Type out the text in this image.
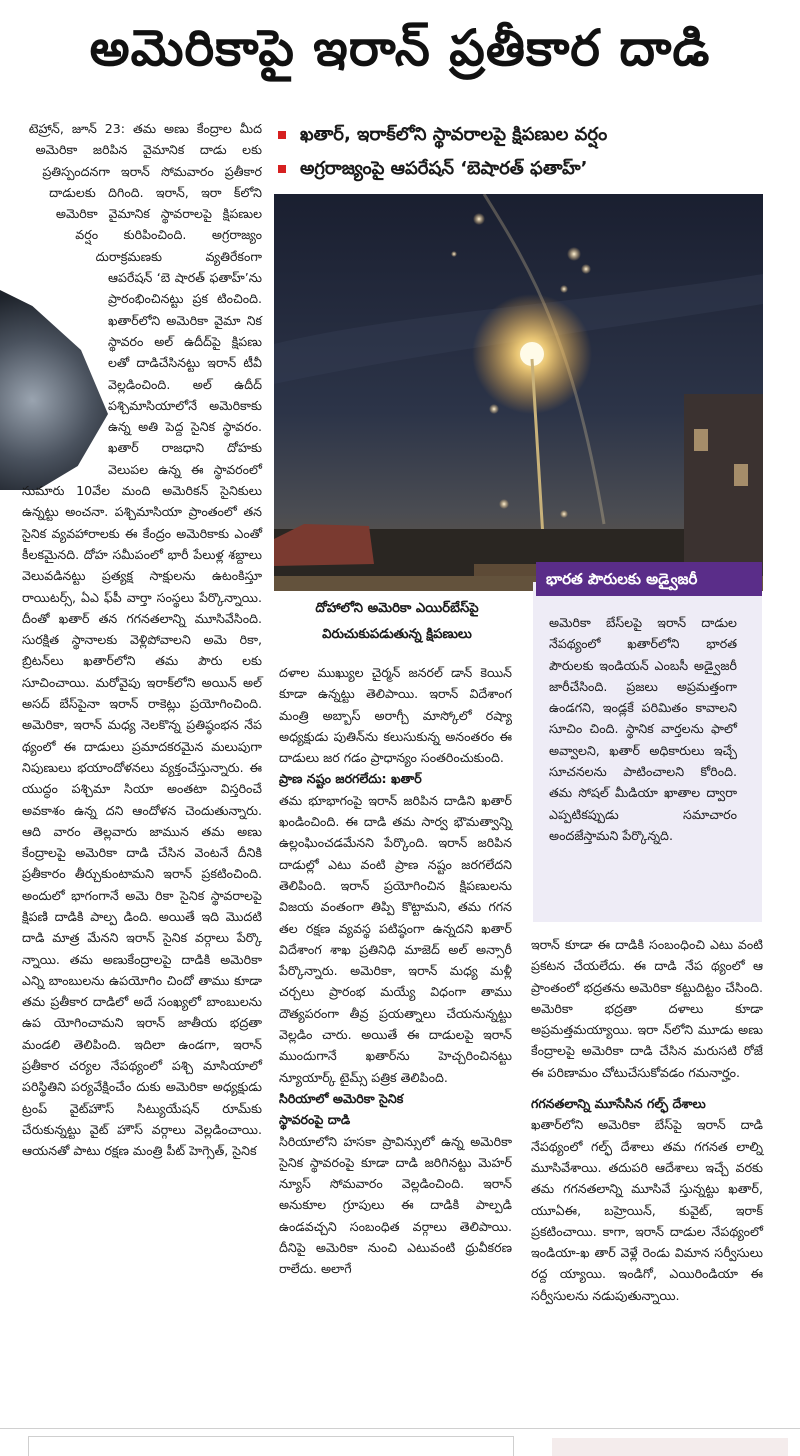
అమెరికాపై ఇరాన్ ప్రతీకార దాడి

టెహ్రాన్, జూన్ 23: తమ అణు కేంద్రాల మీద అమెరికా జరిపిన వైమానిక దాడు లకు ప్రతిస్పందనగా ఇరాన్ సోమవారం ప్రతీకార దాడులకు దిగింది. ఇరాన్, ఇరా క్‌లోని అమెరికా వైమానిక స్థావరాలపై క్షిపణుల వర్షం కురిపించింది. అగ్రరాజ్యం దురాక్రమణకు వ్యతిరేకంగా ఆపరేషన్ ‘బె షారత్ ఫతాహ్’ను ప్రారంభించినట్టు ప్రక టించింది. ఖతార్‌లోని అమెరికా వైమా నిక స్థావరం అల్ ఉదీద్‌పై క్షిపణు లతో దాడిచేసినట్టు ఇరాన్ టీవీ వెల్లడించింది. అల్ ఉదీద్ పశ్చిమాసియాలోనే అమెరికాకు ఉన్న అతి పెద్ద సైనిక స్థావరం. ఖతార్ రాజధాని దోహకు వెలుపల ఉన్న ఈ స్థావరంలో సుమారు 10వేల మంది అమెరికన్ సైనికులు ఉన్నట్టు అంచనా. పశ్చిమాసియా ప్రాంతంలో తన సైనిక వ్యవహారాలకు ఈ కేంద్రం అమెరికాకు ఎంతో కీలకమైనది. దోహ సమీపంలో భారీ పేలుళ్ల శబ్దాలు వెలువడినట్టు ప్రత్యక్ష సాక్షులను ఉటంకిస్తూ రాయిటర్స్, ఏఎ ఫ్‌పీ వార్తా సంస్థలు పేర్కొన్నాయి. దీంతో ఖతార్ తన గగనతలాన్ని మూసివేసింది. సురక్షిత స్థానాలకు వెళ్లిపోవాలని అమె రికా, బ్రిటన్‌లు ఖతార్‌లోని తమ పౌరు లకు సూచించాయి. మరోవైపు ఇరాక్‌లోని అయిన్ అల్ అసద్ బేస్‌పైనా ఇరాన్ రాకెట్లు ప్రయోగించింది. అమెరికా, ఇరాన్ మధ్య నెలకొన్న ప్రతిష్ఠంభన నేప థ్యంలో ఈ దాడులు ప్రమాదకరమైన మలుపుగా నిపుణులు భయాందోళనలు వ్యక్తంచేస్తున్నారు. ఈ యుద్ధం పశ్చిమా సియా అంతటా విస్తరించే అవకాశం ఉన్న దని ఆందోళన చెందుతున్నారు. ఆది వారం తెల్లవారు జామున తమ అణు కేంద్రాలపై అమెరికా దాడి చేసిన వెంటనే దీనికి ప్రతీకారం తీర్చుకుంటామని ఇరాన్ ప్రకటించింది. అందులో భాగంగానే అమె రికా సైనిక స్థావరాలపై క్షిపణి దాడికి పాల్ప డింది. అయితే ఇది మొదటి దాడి మాత్ర మేనని ఇరాన్ సైనిక వర్గాలు పేర్కొ న్నాయి. తమ అణుకేంద్రాలపై దాడికి అమెరికా ఎన్ని బాంబులను ఉపయోగిం చిందో తాము కూడా తమ ప్రతీకార దాడిలో అదే సంఖ్యలో బాంబులను ఉప యోగించామని ఇరాన్ జాతీయ భద్రతా మండలి తెలిపింది. ఇదిలా ఉండగా, ఇరాన్ ప్రతీకార చర్యల నేపథ్యంలో పశ్చి మాసియాలో పరిస్థితిని పర్యవేక్షించేం దుకు అమెరికా అధ్యక్షుడు ట్రంప్ వైట్‌హౌస్ సిట్యుయేషన్ రూమ్‌కు చేరుకున్నట్టు వైట్ హౌస్ వర్గాలు వెల్లడించాయి. ఆయనతో పాటు రక్షణ మంత్రి పీట్ హెగ్సెత్, సైనిక

ఖతార్, ఇరాక్‌లోని స్థావరాలపై క్షిపణుల వర్షం
అగ్రరాజ్యంపై ఆపరేషన్ ‘బెషారత్ ఫతాహ్’
దోహాలోని అమెరికా ఎయిర్‌బేస్‌పై
విరుచుకుపడుతున్న క్షిపణులు

దళాల ముఖ్యుల చైర్మన్ జనరల్ డాన్ కెయిన్ కూడా ఉన్నట్టు తెలిపాయి. ఇరాన్ విదేశాంగ మంత్రి అబ్బాస్ అరాగ్చీ మాస్కోలో రష్యా అధ్యక్షుడు పుతిన్‌ను కలుసుకున్న అనంతరం ఈ దాడులు జర గడం ప్రాధాన్యం సంతరించుకుంది.

ప్రాణ నష్టం జరగలేదు: ఖతార్

తమ భూభాగంపై ఇరాన్ జరిపిన దాడిని ఖతార్ ఖండించింది. ఈ దాడి తమ సార్వ భౌమత్వాన్ని ఉల్లంఘించడమేనని పేర్కొంది. ఇరాన్ జరిపిన దాడుల్లో ఎటు వంటి ప్రాణ నష్టం జరగలేదని తెలిపింది. ఇరాన్ ప్రయోగించిన క్షిపణులను విజయ వంతంగా తిప్పి కొట్టామని, తమ గగన తల రక్షణ వ్యవస్థ పటిష్ఠంగా ఉన్నదని ఖతార్ విదేశాంగ శాఖ ప్రతినిధి మాజెద్ అల్ అన్సారీ పేర్కొన్నారు. అమెరికా, ఇరాన్ మధ్య మళ్లీ చర్చలు ప్రారంభ మయ్యే విధంగా తాము దౌత్యపరంగా తీవ్ర ప్రయత్నాలు చేయనున్నట్టు వెల్లడిం చారు. అయితే ఈ దాడులపై ఇరాన్ ముందుగానే ఖతార్‌ను హెచ్చరించినట్టు న్యూయార్క్ టైమ్స్ పత్రిక తెలిపింది.

సిరియాలో అమెరికా సైనిక

స్థావరంపై దాడి

సిరియాలోని హసకా ప్రావిన్సులో ఉన్న అమెరికా సైనిక స్థావరంపై కూడా దాడి జరిగినట్టు మెహర్ న్యూస్ సోమవారం వెల్లడించింది. ఇరాన్ అనుకూల గ్రూపులు ఈ దాడికి పాల్పడి ఉండవచ్చని సంబంధిత వర్గాలు తెలిపాయి. దీనిపై అమెరికా నుంచి ఎటువంటి ధ్రువీకరణ రాలేదు. అలాగే

భారత పౌరులకు అడ్వైజరీ
అమెరికా బేస్‌లపై ఇరాన్ దాడుల నేపథ్యంలో ఖతార్‌లోని భారత పౌరులకు ఇండియన్ ఎంబసీ అడ్వైజరీ జారీచేసింది. ప్రజలు అప్రమత్తంగా ఉండగని, ఇండ్లకే పరిమితం కావాలని సూచిం చింది. స్థానిక వార్తలను ఫాలో అవ్వాలని, ఖతార్ అధికారులు ఇచ్చే సూచనలను పాటించాలని కోరింది. తమ సోషల్ మీడియా ఖాతాల ద్వారా ఎప్పటికప్పుడు సమాచారం అందజేస్తామని పేర్కొన్నది.

ఇరాన్ కూడా ఈ దాడికి సంబంధించి ఎటు వంటి ప్రకటన చేయలేదు. ఈ దాడి నేప థ్యంలో ఆ ప్రాంతంలో భద్రతను అమెరికా కట్టుదిట్టం చేసింది. అమెరికా భద్రతా దళాలు కూడా అప్రమత్తమయ్యాయి. ఇరా న్‌లోని మూడు అణు కేంద్రాలపై అమెరికా దాడి చేసిన మరుసటి రోజే ఈ పరిణామం చోటుచేసుకోవడం గమనార్హం.

గగనతలాన్ని మూసేసిన గల్ఫ్ దేశాలు

ఖతార్‌లోని అమెరికా బేస్‌పై ఇరాన్ దాడి నేపథ్యంలో గల్ఫ్ దేశాలు తమ గగనత లాల్ని మూసివేశాయి. తదుపరి ఆదేశాలు ఇచ్చే వరకు తమ గగనతలాన్ని మూసివే స్తున్నట్టు ఖతార్, యూఏఈ, బహ్రెయిన్, కువైట్, ఇరాక్ ప్రకటించాయి. కాగా, ఇరాన్ దాడుల నేపథ్యంలో ఇండియా-ఖ తార్ వెళ్లే రెండు విమాన సర్వీసులు రద్ద య్యాయి. ఇండిగో, ఎయిరిండియా ఈ సర్వీసులను నడుపుతున్నాయి.
